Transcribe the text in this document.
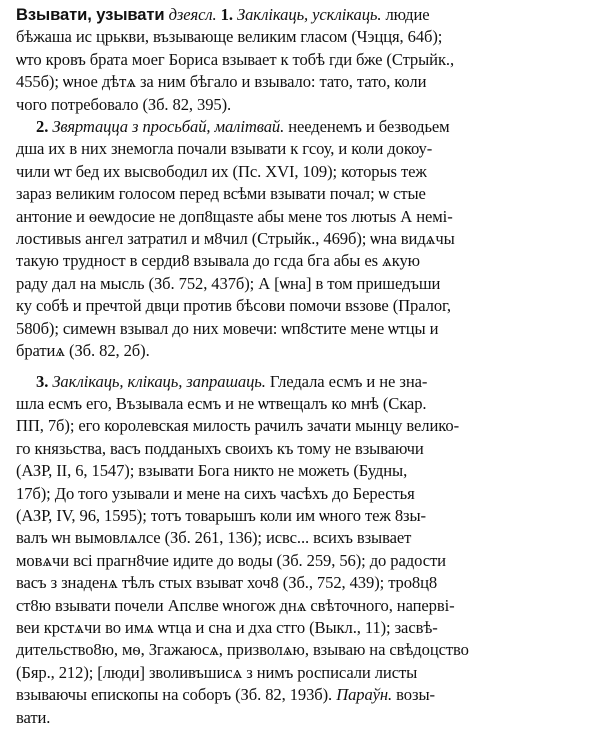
Взывати, узывати дзеясл. 1. Заклікаць, усклікаць. людие
бѣжаша ис црькви, възывающе великим гласом (Чэцця, 64б);
ѡто кровъ брата моег Бориса взывает к тобѣ гди бже (Стрыйк.,
455б); ѡное дѣтѧ за ним бѣгало и взывало: тато, тато, коли
чого потребовало (Зб. 82, 395).
2. Звяртацца з просьбай, малітвай. нееденемъ и безводьем
дша их в них знемогла почали взывати к гсоу, и коли докоу-
чили ѡт бед их высвободил их (Пс. XVI, 109); которыѕ теж
зараз великим голосом перед всѣми взывати почал; ѡ стые
антоние и ѳеѡдосие не доп8щаѕте абы мене тоѕ лютыѕ А немі-
лостивыѕ ангел затратил и м8чил (Стрыйк., 469б); ѡна видѧчы
такую трудност в серди8 взывала до гсда бга абы еѕ ѧкую
раду дал на мысль (Зб. 752, 437б); А [ѡна] в том пришедъши
ку собѣ и пречтой двци против бѣсови помочи вѕзове (Пралог,
580б); симеѡн взывал до них мовечи: ѡп8стите мене ѡтцы и
братиѧ (Зб. 82, 2б).
3. Заклікаць, клікаць, запрашаць. Гледала есмъ и не зна-
шла есмъ его, Възывала есмъ и не ѡтвещалъ ко мнѣ (Скар.
ПП, 7б); его королевская милость рачилъ зачати мынцу велико-
го князьства, васъ подданыхъ своихъ къ тому не взываючи
(АЗР, II, 6, 1547); взывати Бога никто не можеть (Будны,
17б); До того узывали и мене на сихъ часѣхъ до Берестья
(АЗР, IV, 96, 1595); тотъ товарышъ коли им ѡного теж 8зы-
валъ ѡн вымовлѧлсе (Зб. 261, 136); исвс... всихъ взывает
мовѧчи всі прагн8чие идите до воды (Зб. 259, 56); до радости
васъ з знаденѧ тѣлъ стых взыват хоч8 (Зб., 752, 439); тро8ц8
ст8ю взывати почели Апслве ѡногож днѧ свѣточного, наперві-
веи крстѧчи во имѧ ѡтца и сна и дха стго (Выкл., 11); засвѣ-
дительство8ю, мѳ, Згажаюсѧ, призволѧю, взываю на свѣдоцство
(Бяр., 212); [люди] зволивъшисѧ з нимъ росписали листы
взываючы епископы на соборъ (Зб. 82, 193б). Параўн. возы-
вати.
